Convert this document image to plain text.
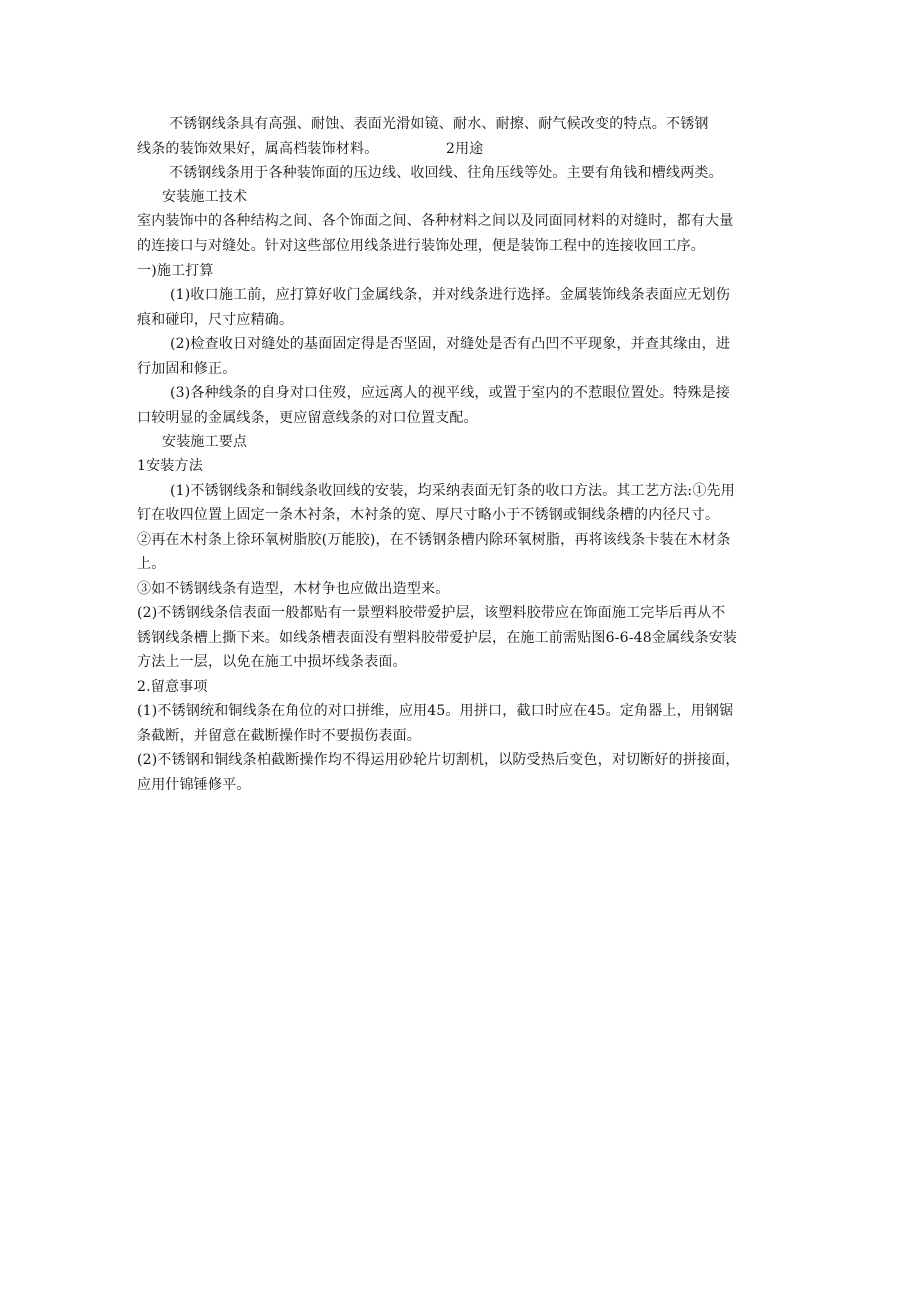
不锈钢线条具有高强、耐蚀、表面光滑如镜、耐水、耐擦、耐气候改变的特点。不锈钢
线条的装饰效果好，属高档装饰材料。	2用途
不锈钢线条用于各种装饰面的压边线、收回线、往角压线等处。主要有角钱和槽线两类。
安装施工技术
室内装饰中的各种结构之间、各个饰面之间、各种材料之间以及同面同材料的对缝时，都有大量
的连接口与对缝处。针对这些部位用线条进行装饰处理，便是装饰工程中的连接收回工序。
一)施工打算
(1)收口施工前，应打算好收门金属线条，并对线条进行选择。金属装饰线条表面应无划伤
痕和碰印，尺寸应精确。
(2)检查收日对缝处的基面固定得是否坚固，对缝处是否有凸凹不平现象，并查其缘由，进
行加固和修正。
(3)各种线条的自身对口住歿，应远离人的视平线，或置于室内的不惹眼位置处。特殊是接
口较明显的金属线条，更应留意线条的对口位置支配。
安装施工要点
1安装方法
(1)不锈钢线条和铜线条收回线的安装，均采纳表面无钉条的收口方法。其工艺方法:①先用
钉在收四位置上固定一条木衬条，木衬条的宽、厚尺寸略小于不锈钢或铜线条槽的内径尺寸。
②再在木村条上徐环氧树脂胶(万能胶)，在不锈钢条槽内除环氧树脂，再将该线条卡装在木材条
上。
③如不锈钢线条有造型，木材争也应做出造型来。
(2)不锈钢线条信表面一般都贴有一景塑料胶带爱护层，该塑料胶带应在饰面施工完毕后再从不
锈钢线条槽上撕下来。如线条槽表面没有塑料胶带爱护层，在施工前需贴图6-6-48金属线条安装
方法上一层，以免在施工中损坏线条表面。
2.留意事项
(1)不锈钢统和铜线条在角位的对口拼维，应用45。用拼口，截口时应在45。定角器上，用钢锯
条截断，并留意在截断操作时不要损伤表面。
(2)不锈钢和铜线条柏截断操作均不得运用砂轮片切割机，以防受热后变色，对切断好的拼接面，
应用什锦锤修平。
